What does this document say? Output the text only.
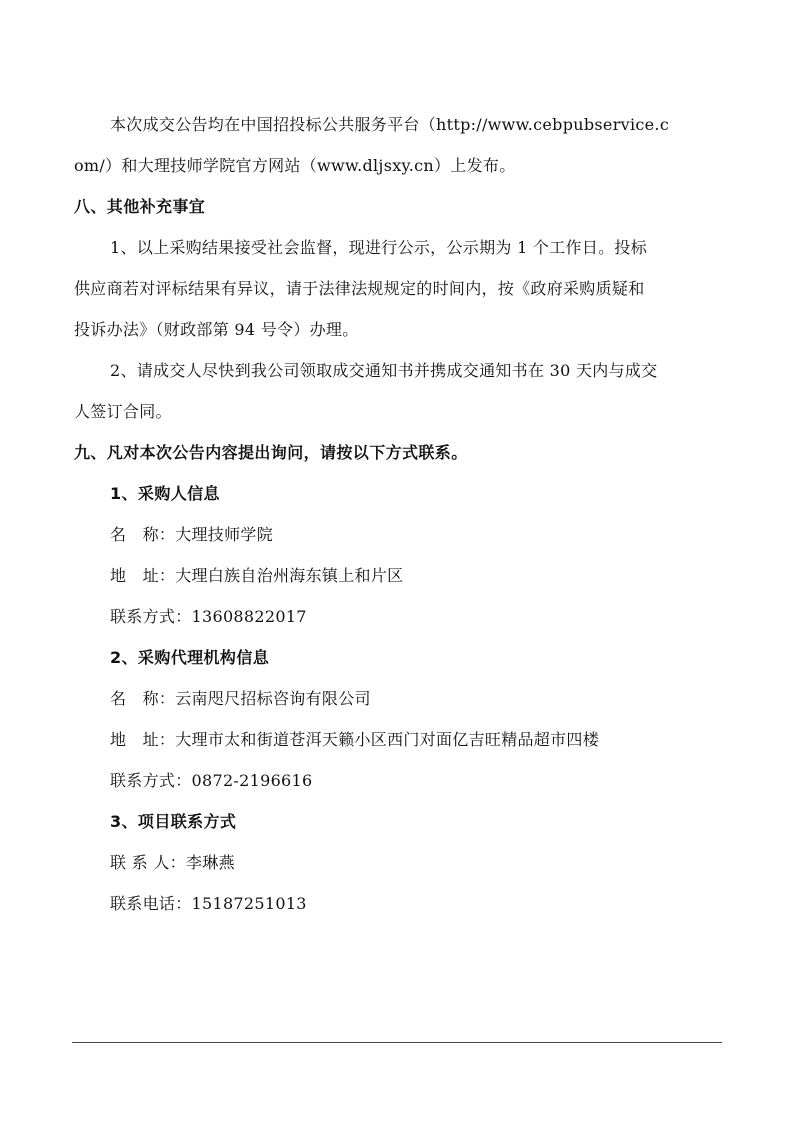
本次成交公告均在中国招投标公共服务平台（http://www.cebpubservice.c
om/）和大理技师学院官方网站（www.dljsxy.cn）上发布。

八、其他补充事宜

1、以上采购结果接受社会监督，现进行公示，公示期为 1 个工作日。投标
供应商若对评标结果有异议，请于法律法规规定的时间内，按《政府采购质疑和
投诉办法》（财政部第 94 号令）办理。

2、请成交人尽快到我公司领取成交通知书并携成交通知书在 30 天内与成交
人签订合同。

九、凡对本次公告内容提出询问，请按以下方式联系。
1、采购人信息

名　称：大理技师学院

地　址：大理白族自治州海东镇上和片区

联系方式：13608822017

2、采购代理机构信息

名　称：云南咫尺招标咨询有限公司

地　址：大理市太和街道苍洱天籁小区西门对面亿吉旺精品超市四楼

联系方式：0872-2196616

3、项目联系方式

联 系 人：李琳燕

联系电话：15187251013
